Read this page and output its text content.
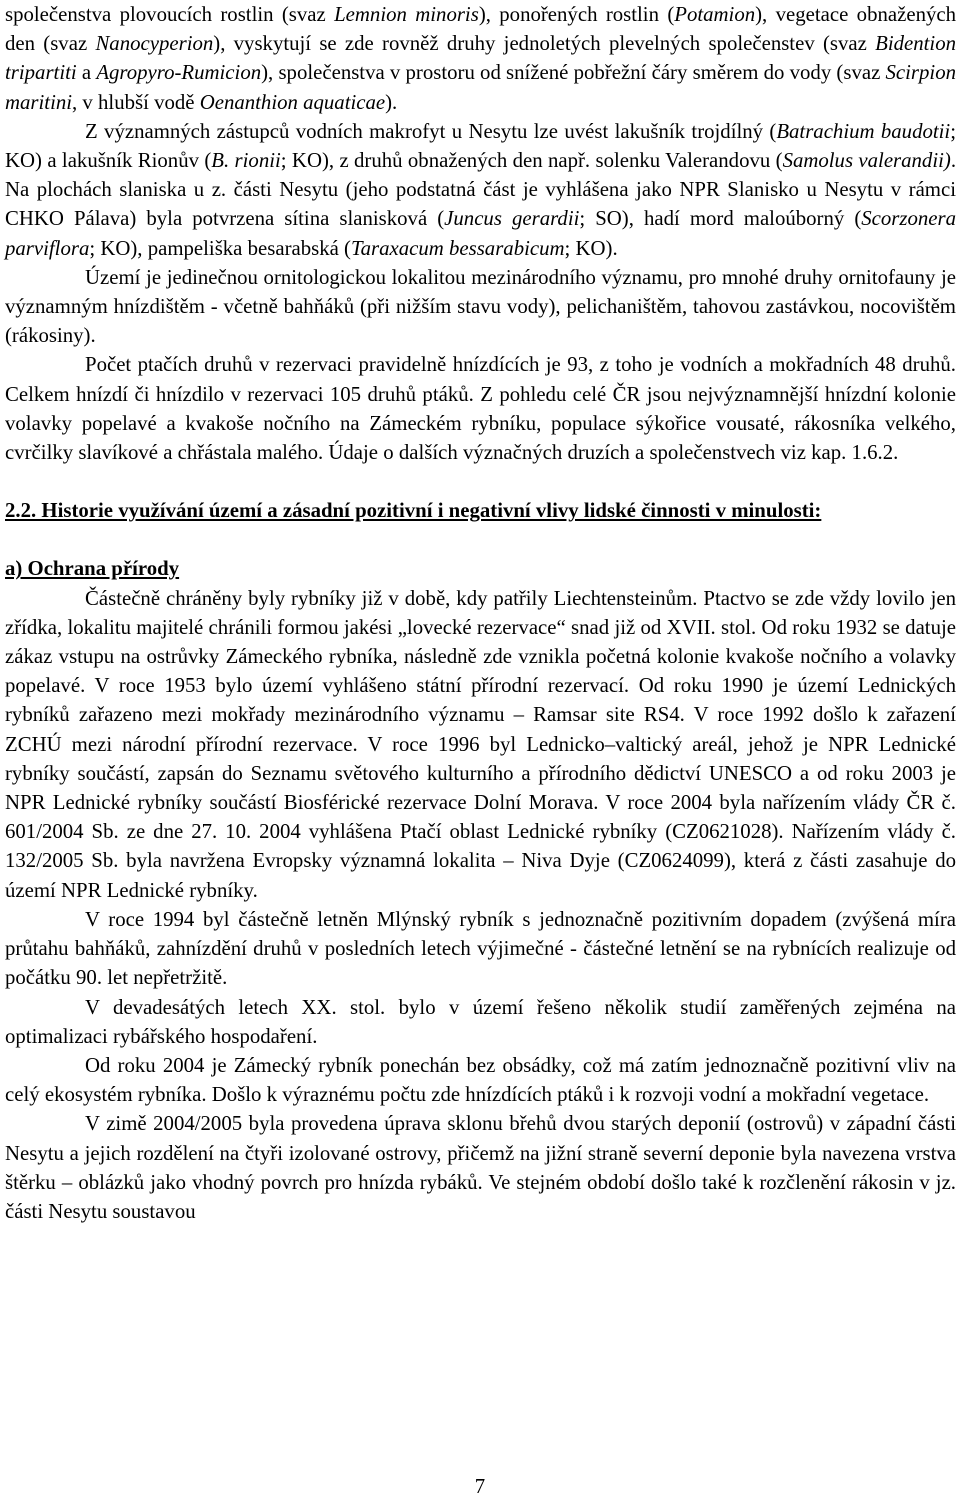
společenstva plovoucích rostlin (svaz Lemnion minoris), ponořených rostlin (Potamion), vegetace obnažených den (svaz Nanocyperion), vyskytují se zde rovněž druhy jednoletých plevelných společenstev (svaz Bidention tripartiti a Agropyro-Rumicion), společenstva v prostoru od snížené pobřežní čáry směrem do vody (svaz Scirpion maritini, v hlubší vodě Oenanthion aquaticae).

Z významných zástupců vodních makrofyt u Nesytu lze uvést lakušník trojdílný (Batrachium baudotii; KO) a lakušník Rionův (B. rionii; KO), z druhů obnažených den např. solenku Valerandovu (Samolus valerandii). Na plochách slaniska u z. části Nesytu (jeho podstatná část je vyhlášena jako NPR Slanisko u Nesytu v rámci CHKO Pálava) byla potvrzena sítina slanisková (Juncus gerardii; SO), hadí mord maloúborný (Scorzonera parviflora; KO), pampeliška besarabská (Taraxacum bessarabicum; KO).

Území je jedinečnou ornitologickou lokalitou mezinárodního významu, pro mnohé druhy ornitofauny je významným hnízdištěm - včetně bahňáků (při nižším stavu vody), pelichaništěm, tahovou zastávkou, nocovištěm (rákosiny).

Počet ptačích druhů v rezervaci pravidelně hnízdících je 93, z toho je vodních a mokřadních 48 druhů. Celkem hnízdí či hnízdilo v rezervaci 105 druhů ptáků. Z pohledu celé ČR jsou nejvýznamnější hnízdní kolonie volavky popelavé a kvakoše nočního na Zámeckém rybníku, populace sýkořice vousaté, rákosníka velkého, cvrčilky slavíkové a chřástala malého. Údaje o dalších význačných druzích a společenstvech viz kap. 1.6.2.

2.2. Historie využívání území a zásadní pozitivní i negativní vlivy lidské činnosti v minulosti:

a) Ochrana přírody

Částečně chráněny byly rybníky již v době, kdy patřily Liechtensteinům. Ptactvo se zde vždy lovilo jen zřídka, lokalitu majitelé chránili formou jakési „lovecké rezervace“ snad již od XVII. stol. Od roku 1932 se datuje zákaz vstupu na ostrůvky Zámeckého rybníka, následně zde vznikla početná kolonie kvakoše nočního a volavky popelavé. V roce 1953 bylo území vyhlášeno státní přírodní rezervací. Od roku 1990 je území Lednických rybníků zařazeno mezi mokřady mezinárodního významu – Ramsar site RS4. V roce 1992 došlo k zařazení ZCHÚ mezi národní přírodní rezervace. V roce 1996 byl Lednicko–valtický areál, jehož je NPR Lednické rybníky součástí, zapsán do Seznamu světového kulturního a přírodního dědictví UNESCO a od roku 2003 je NPR Lednické rybníky součástí Biosférické rezervace Dolní Morava. V roce 2004 byla nařízením vlády ČR č. 601/2004 Sb. ze dne 27. 10. 2004 vyhlášena Ptačí oblast Lednické rybníky (CZ0621028). Nařízením vlády č. 132/2005 Sb. byla navržena Evropsky významná lokalita – Niva Dyje (CZ0624099), která z části zasahuje do území NPR Lednické rybníky.

V roce 1994 byl částečně letněn Mlýnský rybník s jednoznačně pozitivním dopadem (zvýšená míra průtahu bahňáků, zahnízdění druhů v posledních letech výjimečné - částečné letnění se na rybnících realizuje od počátku 90. let nepřetržitě.

V devadesátých letech XX. stol. bylo v území řešeno několik studií zaměřených zejména na optimalizaci rybářského hospodaření.

Od roku 2004 je Zámecký rybník ponechán bez obsádky, což má zatím jednoznačně pozitivní vliv na celý ekosystém rybníka. Došlo k výraznému počtu zde hnízdících ptáků i k rozvoji vodní a mokřadní vegetace.

V zimě 2004/2005 byla provedena úprava sklonu břehů dvou starých deponií (ostrovů) v západní části Nesytu a jejich rozdělení na čtyři izolované ostrovy, přičemž na jižní straně severní deponie byla navezena vrstva štěrku – oblázků jako vhodný povrch pro hnízda rybáků. Ve stejném období došlo také k rozčlenění rákosin v jz. části Nesytu soustavou

7
